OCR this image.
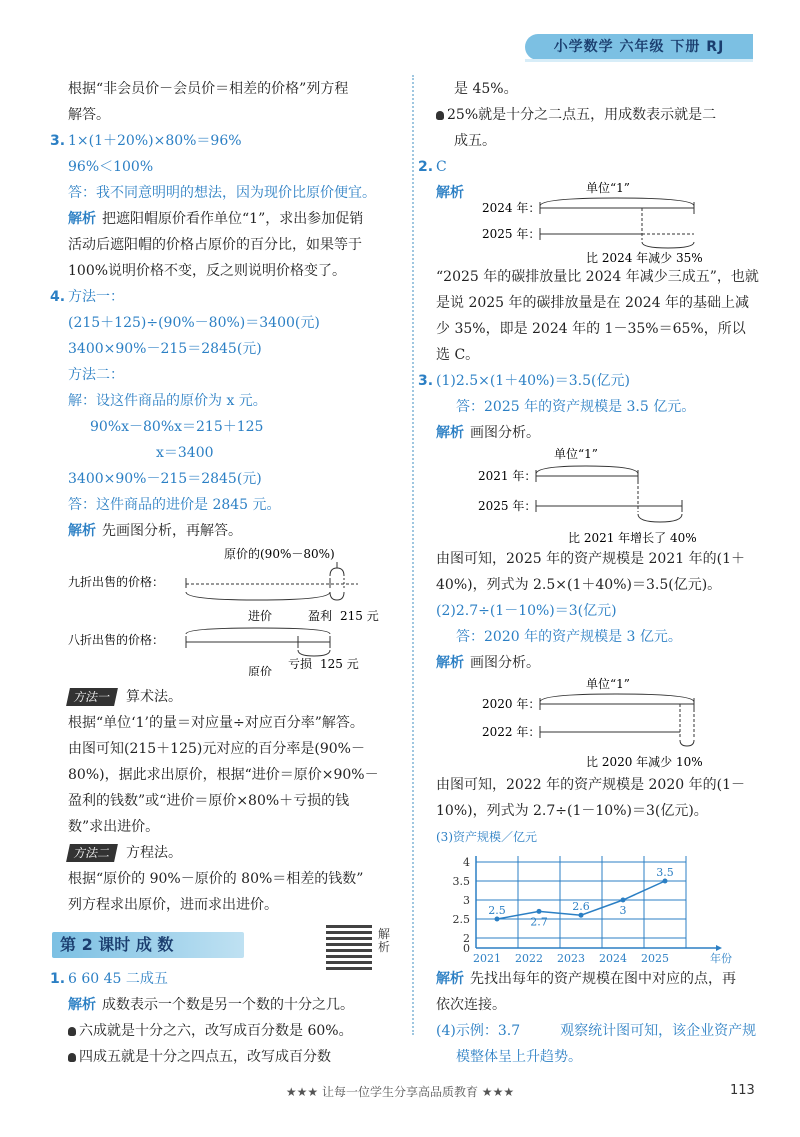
小学数学 六年级 下册 RJ
根据“非会员价－会员价＝相差的价格”列方程
解答。
3. 1×(1＋20%)×80%＝96%
96%＜100%
答：我不同意明明的想法，因为现价比原价便宜。
解析 把遮阳帽原价看作单位“1”，求出参加促销
活动后遮阳帽的价格占原价的百分比，如果等于
100%说明价格不变，反之则说明价格变了。
4. 方法一：
(215＋125)÷(90%－80%)＝3400(元)
3400×90%－215＝2845(元)
方法二：
解：设这件商品的原价为 x 元。
90%x－80%x＝215＋125
x＝3400
3400×90%－215＝2845(元)
答：这件商品的进价是 2845 元。
解析 先画图分析，再解答。
原价的(90%－80%)
九折出售的价格：
进价	盈利 215 元
八折出售的价格：
亏损 125 元
原价
方法一 算术法。
根据“单位‘1’的量＝对应量÷对应百分率”解答。
由图可知(215＋125)元对应的百分率是(90%－
80%)，据此求出原价，根据“进价＝原价×90%－
盈利的钱数”或“进价＝原价×80%＋亏损的钱
数”求出进价。
方法二 方程法。
根据“原价的 90%－原价的 80%＝相差的钱数”
列方程求出原价，进而求出进价。
第 2 课时 成 数
解析
1. 6 60 45 二成五
解析 成数表示一个数是另一个数的十分之几。
六成就是十分之六，改写成百分数是 60%。
四成五就是十分之四点五，改写成百分数
是 45%。
25%就是十分之二点五，用成数表示就是二
成五。
2. C
解析	单位“1”
2024 年：
2025 年：
比 2024 年减少 35%
“2025 年的碳排放量比 2024 年减少三成五”，也就
是说 2025 年的碳排放量是在 2024 年的基础上减
少 35%，即是 2024 年的 1－35%＝65%，所以
选 C。
3. (1)2.5×(1＋40%)＝3.5(亿元)
答：2025 年的资产规模是 3.5 亿元。
解析 画图分析。
单位“1”
2021 年：
2025 年：
比 2021 年增长了 40%
由图可知，2025 年的资产规模是 2021 年的(1＋
40%)，列式为 2.5×(1＋40%)＝3.5(亿元)。
(2)2.7÷(1－10%)＝3(亿元)
答：2020 年的资产规模是 3 亿元。
解析 画图分析。
单位“1”
2020 年：
2022 年：
比 2020 年减少 10%
由图可知，2022 年的资产规模是 2020 年的(1－
10%)，列式为 2.7÷(1－10%)＝3(亿元)。
(3)资产规模／亿元
0
2
2.5
3
3.5
4
2021 2022 2023 2024 2025	年份
2.5
2.7
2.6	3
3.5
解析 先找出每年的资产规模在图中对应的点，再
依次连接。
(4)示例：3.7	观察统计图可知，该企业资产规
模整体呈上升趋势。
★★★ 让每一位学生分享高品质教育 ★★★	113
